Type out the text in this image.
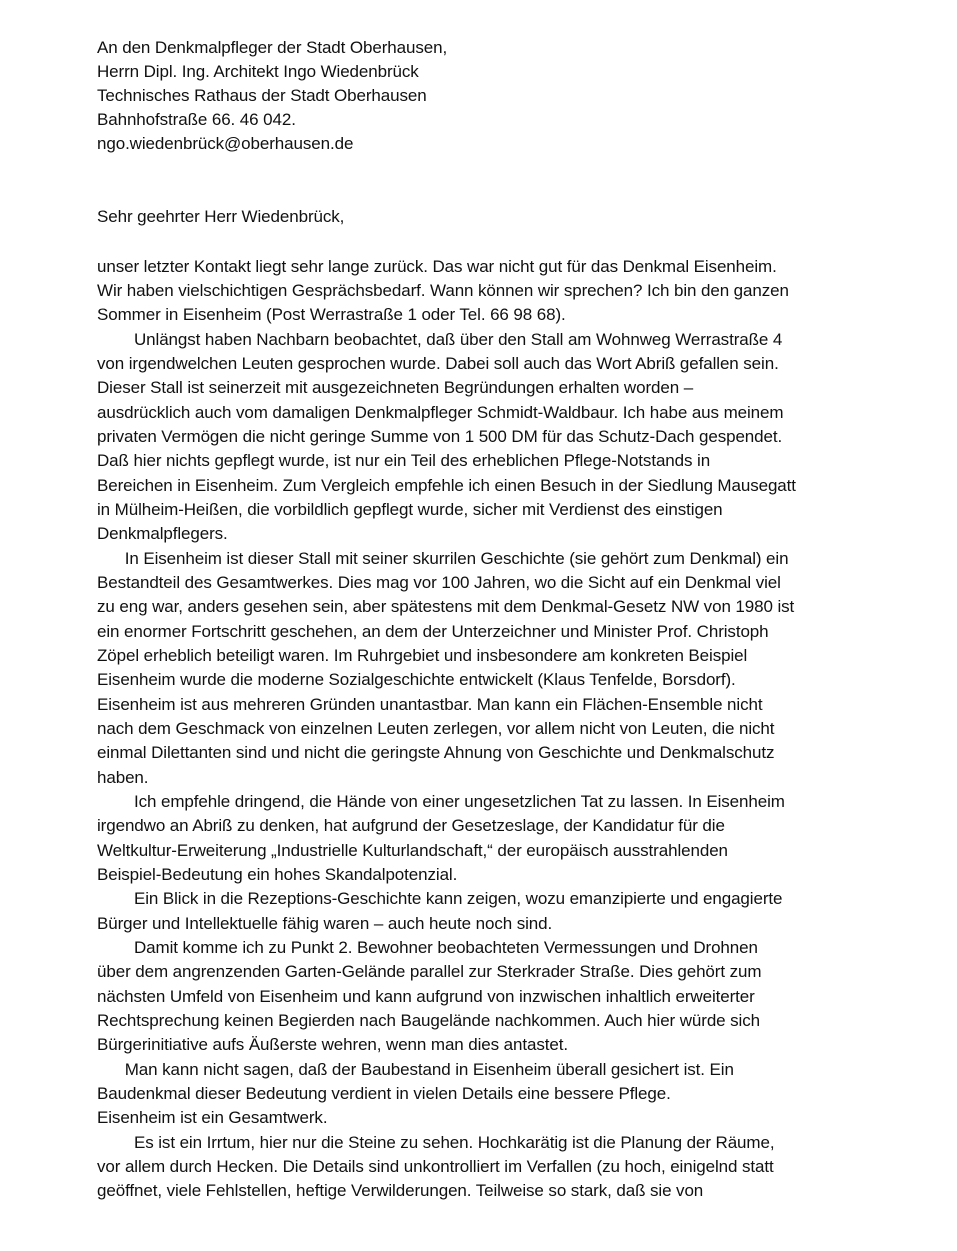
An den Denkmalpfleger der Stadt Oberhausen,
Herrn Dipl. Ing. Architekt Ingo Wiedenbrück
Technisches Rathaus der Stadt Oberhausen
Bahnhofstraße 66. 46 042.
ngo.wiedenbrück@oberhausen.de
Sehr geehrter Herr Wiedenbrück,
unser letzter Kontakt liegt sehr lange zurück. Das war nicht gut für das Denkmal Eisenheim.
Wir haben vielschichtigen Gesprächsbedarf. Wann können wir sprechen? Ich bin den ganzen
Sommer in Eisenheim (Post Werrastraße 1 oder Tel. 66 98 68).
Unlängst haben Nachbarn beobachtet, daß über den Stall am Wohnweg Werrastraße 4
von irgendwelchen Leuten gesprochen wurde. Dabei soll auch das Wort Abriß gefallen sein.
Dieser Stall ist seinerzeit mit ausgezeichneten Begründungen erhalten worden –
ausdrücklich auch vom damaligen Denkmalpfleger Schmidt-Waldbaur. Ich habe aus meinem
privaten Vermögen die nicht geringe Summe von 1 500 DM für das Schutz-Dach gespendet.
Daß hier nichts gepflegt wurde, ist nur ein Teil des erheblichen Pflege-Notstands in
Bereichen in Eisenheim. Zum Vergleich empfehle ich einen Besuch in der Siedlung Mausegatt
in Mülheim-Heißen, die vorbildlich gepflegt wurde, sicher mit Verdienst des einstigen
Denkmalpflegers.
In Eisenheim ist dieser Stall mit seiner skurrilen Geschichte (sie gehört zum Denkmal) ein
Bestandteil des Gesamtwerkes. Dies mag vor 100 Jahren, wo die Sicht auf ein Denkmal viel
zu eng war, anders gesehen sein, aber spätestens mit dem Denkmal-Gesetz NW von 1980 ist
ein enormer Fortschritt geschehen, an dem der Unterzeichner und Minister Prof. Christoph
Zöpel erheblich beteiligt waren. Im Ruhrgebiet und insbesondere am konkreten Beispiel
Eisenheim wurde die moderne Sozialgeschichte entwickelt (Klaus Tenfelde, Borsdorf).
Eisenheim ist aus mehreren Gründen unantastbar. Man kann ein Flächen-Ensemble nicht
nach dem Geschmack von einzelnen Leuten zerlegen, vor allem nicht von Leuten, die nicht
einmal Dilettanten sind und nicht die geringste Ahnung von Geschichte und Denkmalschutz
haben.
Ich empfehle dringend, die Hände von einer ungesetzlichen Tat zu lassen. In Eisenheim
irgendwo an Abriß zu denken, hat aufgrund der Gesetzeslage, der Kandidatur für die
Weltkultur-Erweiterung „Industrielle Kulturlandschaft,“ der europäisch ausstrahlenden
Beispiel-Bedeutung ein hohes Skandalpotenzial.
Ein Blick in die Rezeptions-Geschichte kann zeigen, wozu emanzipierte und engagierte
Bürger und Intellektuelle fähig waren – auch heute noch sind.
Damit komme ich zu Punkt 2. Bewohner beobachteten Vermessungen und Drohnen
über dem angrenzenden Garten-Gelände parallel zur Sterkrader Straße. Dies gehört zum
nächsten Umfeld von Eisenheim und kann aufgrund von inzwischen inhaltlich erweiterter
Rechtsprechung keinen Begierden nach Baugelände nachkommen. Auch hier würde sich
Bürgerinitiative aufs Äußerste wehren, wenn man dies antastet.
Man kann nicht sagen, daß der Baubestand in Eisenheim überall gesichert ist. Ein
Baudenkmal dieser Bedeutung verdient in vielen Details eine bessere Pflege.
Eisenheim ist ein Gesamtwerk.
Es ist ein Irrtum, hier nur die Steine zu sehen. Hochkarätig ist die Planung der Räume,
vor allem durch Hecken. Die Details sind unkontrolliert im Verfallen (zu hoch, einigelnd statt
geöffnet, viele Fehlstellen, heftige Verwilderungen. Teilweise so stark, daß sie von
